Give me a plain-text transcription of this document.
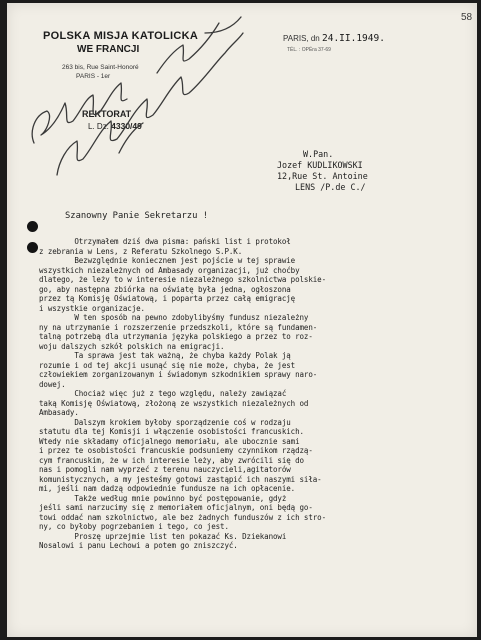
58
POLSKA MISJA KATOLICKA
WE FRANCJI
263 bis, Rue Saint-Honoré
PARIS - 1er
REKTORAT
L. Dz. 4330/49
PARIS, dn 24.II.1949.
TÉL. : OPÉra 37-69
W.Pan.
Jozef KUDLIKOWSKI
12,Rue St. Antoine
LENS /P.de C./
Szanowny Panie Sekretarzu !
Otrzymałem dziś dwa pisma: pański list i protokoł
z zebrania w Lens, z Referatu Szkolnego S.P.K.
Bezwzględnie koniecznem jest pojście w tej sprawie
wszystkich niezależnych od Ambasady organizacji, już choćby
dlatego, że leży to w interesie niezależnego szkolnictwa polskie-
go, aby następna zbiórka na oświatę była jedna, ogłoszona
przez tą Komisję Oświatową, i poparta przez całą emigrację
i wszystkie organizacje.
W ten sposób na pewno zdobylibyśmy fundusz niezależny
ny na utrzymanie i rozszerzenie przedszkoli, które są fundamen-
talną potrzebą dla utrzymania języka polskiego a przez to roz-
woju dalszych szkół polskich na emigracji.
Ta sprawa jest tak ważną, że chyba każdy Polak ją
rozumie i od tej akcji usunąć się nie może, chyba, że jest
człowiekiem zorganizowanym i świadomym szkodnikiem sprawy naro-
dowej.
Chociaż więc już z tego względu, należy zawiązać
taką Komisję Oświatową, złożoną ze wszystkich niezależnych od
Ambasady.
Dalszym krokiem byłoby sporządzenie coś w rodzaju
statutu dla tej Komisji i włączenie osobistości francuskich.
Wtedy nie składamy oficjalnego memoriału, ale ubocznie sami
i przez te osobistości francuskie podsuniemy czynnikom rządzą-
cym francuskim, że w ich interesie leży, aby zwrócili się do
nas i pomogli nam wyprzeć z terenu nauczycieli,agitatorów
komunistycznych, a my jesteśmy gotowi zastąpić ich naszymi siła-
mi, jeśli nam dadzą odpowiednie fundusze na ich opłacenie.
Także według mnie powinno być postępowanie, gdyż
jeśli sami narzucimy się z memoriałem oficjalnym, oni będą go-
towi oddać nam szkolnictwo, ale bez żadnych funduszów z ich stro-
ny, co byłoby pogrzebaniem i tego, co jest.
Proszę uprzejmie list ten pokazać Ks. Dziekanowi
Nosalowi i panu Lechowi a potem go zniszczyć.
